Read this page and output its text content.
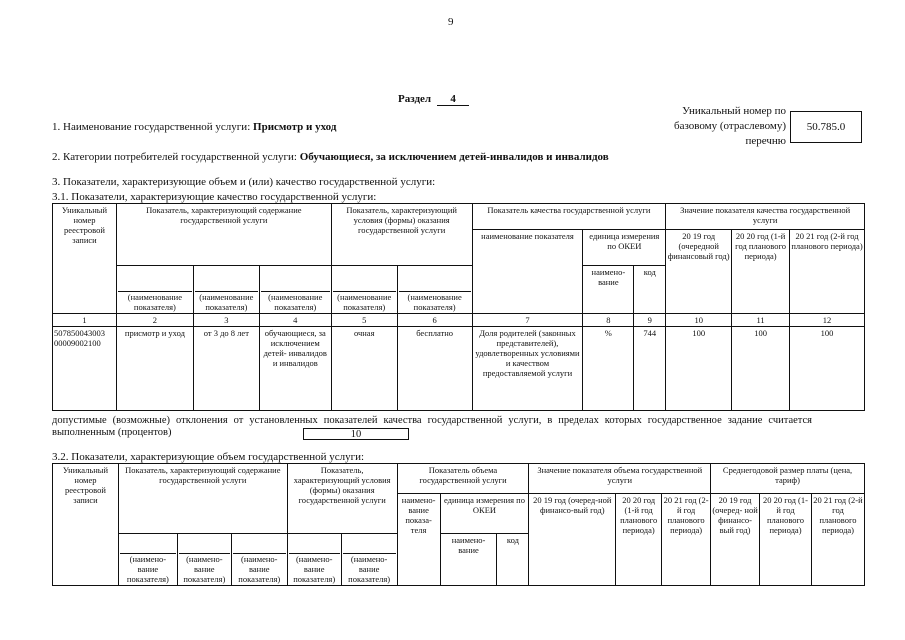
9
Раздел 4
Уникальный номер по базовому (отраслевому) перечню
50.785.0
1. Наименование государственной услуги: Присмотр и уход
2. Категории потребителей государственной услуги: Обучающиеся, за исключением детей-инвалидов и инвалидов
3. Показатели, характеризующие объем и (или) качество государственной услуги:
3.1. Показатели, характеризующие качество государственной услуги:
Уникальный номер реестровой записи	Показатель, характеризующий содержание государственной услуги			Показатель, характеризующий условия (формы) оказания государственной услуги		Показатель качества государственной услуги			Значение показателя качества государственной услуги		
						наименование показателя	единица измерения по ОКЕИ		20 19 год (очередной финансовый год)	20 20 год (1-й год планового периода)	20 21 год (2-й год планового периода)

	(наименование показателя)	(наименование показателя)	(наименование показателя)	(наименование показателя)	(наименование показателя)		наимено- вание	код			
1	2	3	4	5	6	7	8	9	10	11	12
507850043003 00009002100	присмотр и уход	от 3 до 8 лет	обучающиеся, за исключением детей- инвалидов и инвалидов	очная	бесплатно	Доля родителей (законных представителей), удовлетворенных условиями и качеством предоставляемой услуги	%	744	100	100	100
допустимые (возможные) отклонения от установленных показателей качества государственной услуги, в пределах которых государственное задание считается выполненным (процентов)	10
3.2. Показатели, характеризующие объем государственной услуги:
Уникальный номер реестровой записи	Показатель, характеризующий содержание государственной услуги			Показатель, характеризующий условия (формы) оказания государственной услуги		Показатель объема государственной услуги			Значение показателя объема государственной услуги			Среднегодовой размер платы (цена, тариф)		
						наимено- вание показа- теля	единица измерения по ОКЕИ		20 19 год (очеред-ной финансо-вый год)	20 20 год (1-й год планового периода)	20 21 год (2-й год планового периода)	20 19 год (очеред- ной финансо- вый год)	20 20 год (1-й год планового периода)	20 21 год (2-й год планового периода)

	(наимено- вание показателя)	(наимено- вание показателя)	(наимено- вание показателя)	(наимено- вание показателя)	(наимено- вание показателя)		наимено- вание	код						
